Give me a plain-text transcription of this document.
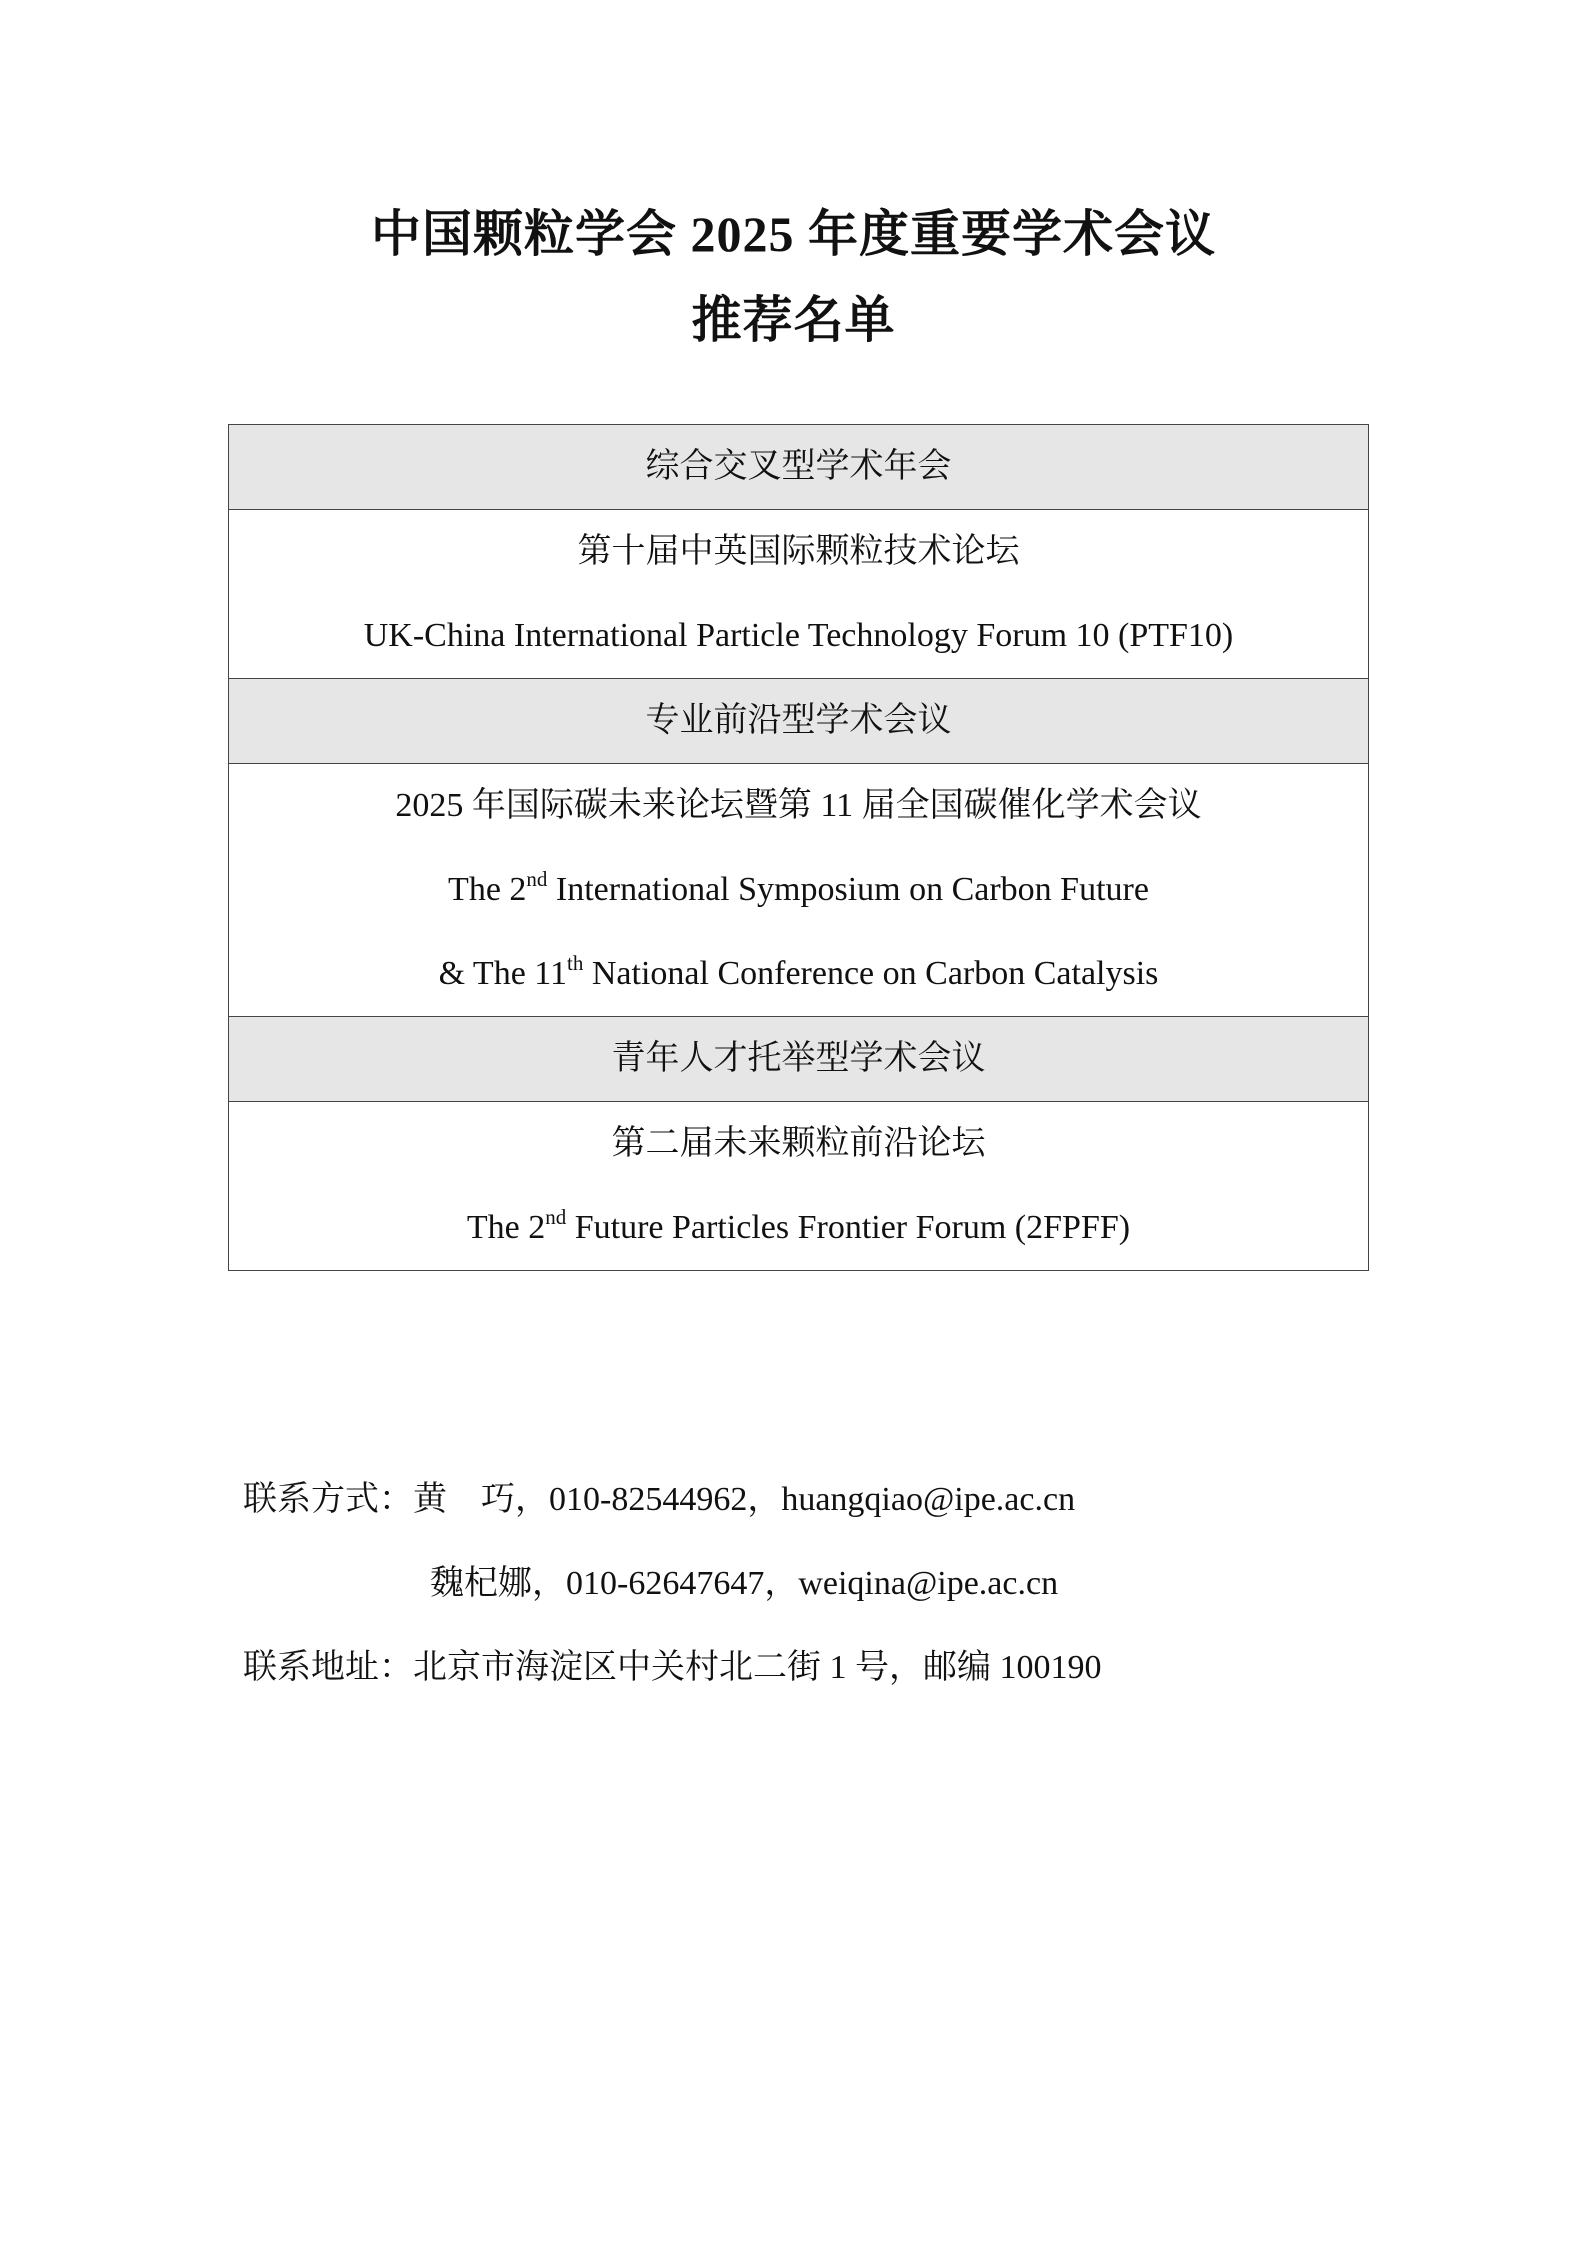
中国颗粒学会 2025 年度重要学术会议
推荐名单
综合交叉型学术年会
第十届中英国际颗粒技术论坛
UK-China International Particle Technology Forum 10 (PTF10)
专业前沿型学术会议
2025 年国际碳未来论坛暨第 11 届全国碳催化学术会议
The 2nd International Symposium on Carbon Future
& The 11th National Conference on Carbon Catalysis
青年人才托举型学术会议
第二届未来颗粒前沿论坛
The 2nd Future Particles Frontier Forum (2FPFF)
联系方式：黄 巧，010-82544962，huangqiao@ipe.ac.cn
魏杞娜，010-62647647，weiqina@ipe.ac.cn
联系地址：北京市海淀区中关村北二街 1 号，邮编 100190
